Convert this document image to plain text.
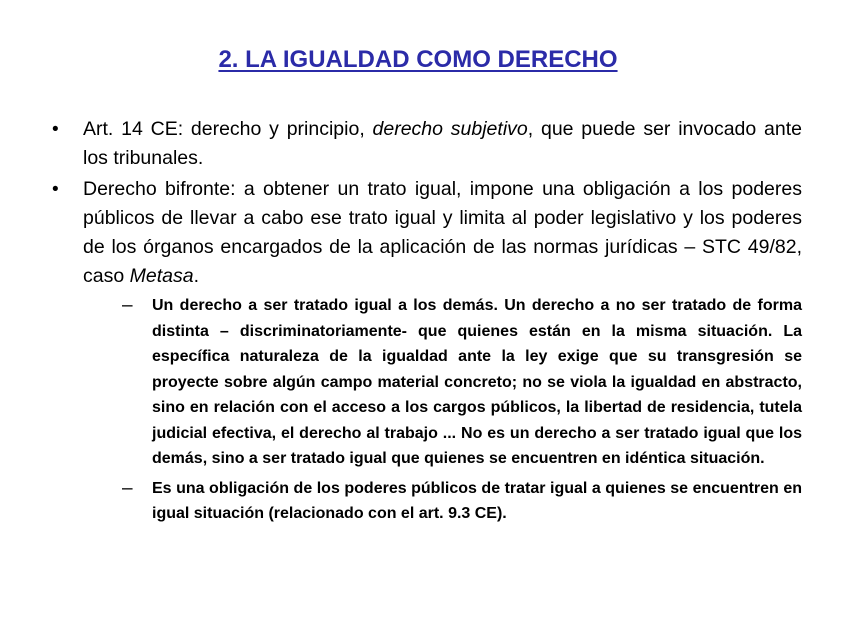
2. LA IGUALDAD COMO DERECHO
•	Art. 14 CE: derecho y principio, derecho subjetivo, que puede ser invocado ante los tribunales.
•	Derecho bifronte: a obtener un trato igual, impone una obligación a los poderes públicos de llevar a cabo ese trato igual y limita al poder legislativo y los poderes de los órganos encargados de la aplicación de las normas jurídicas – STC 49/82, caso Metasa.
– Un derecho a ser tratado igual a los demás. Un derecho a no ser tratado de forma distinta – discriminatoriamente- que quienes están en la misma situación. La específica naturaleza de la igualdad ante la ley exige que su transgresión se proyecte sobre algún campo material concreto; no se viola la igualdad en abstracto, sino en relación con el acceso a los cargos públicos, la libertad de residencia, tutela judicial efectiva, el derecho al trabajo ... No es un derecho a ser tratado igual que los demás, sino a ser tratado igual que quienes se encuentren en idéntica situación.
– Es una obligación de los poderes públicos de tratar igual a quienes se encuentren en igual situación (relacionado con el art. 9.3 CE).
